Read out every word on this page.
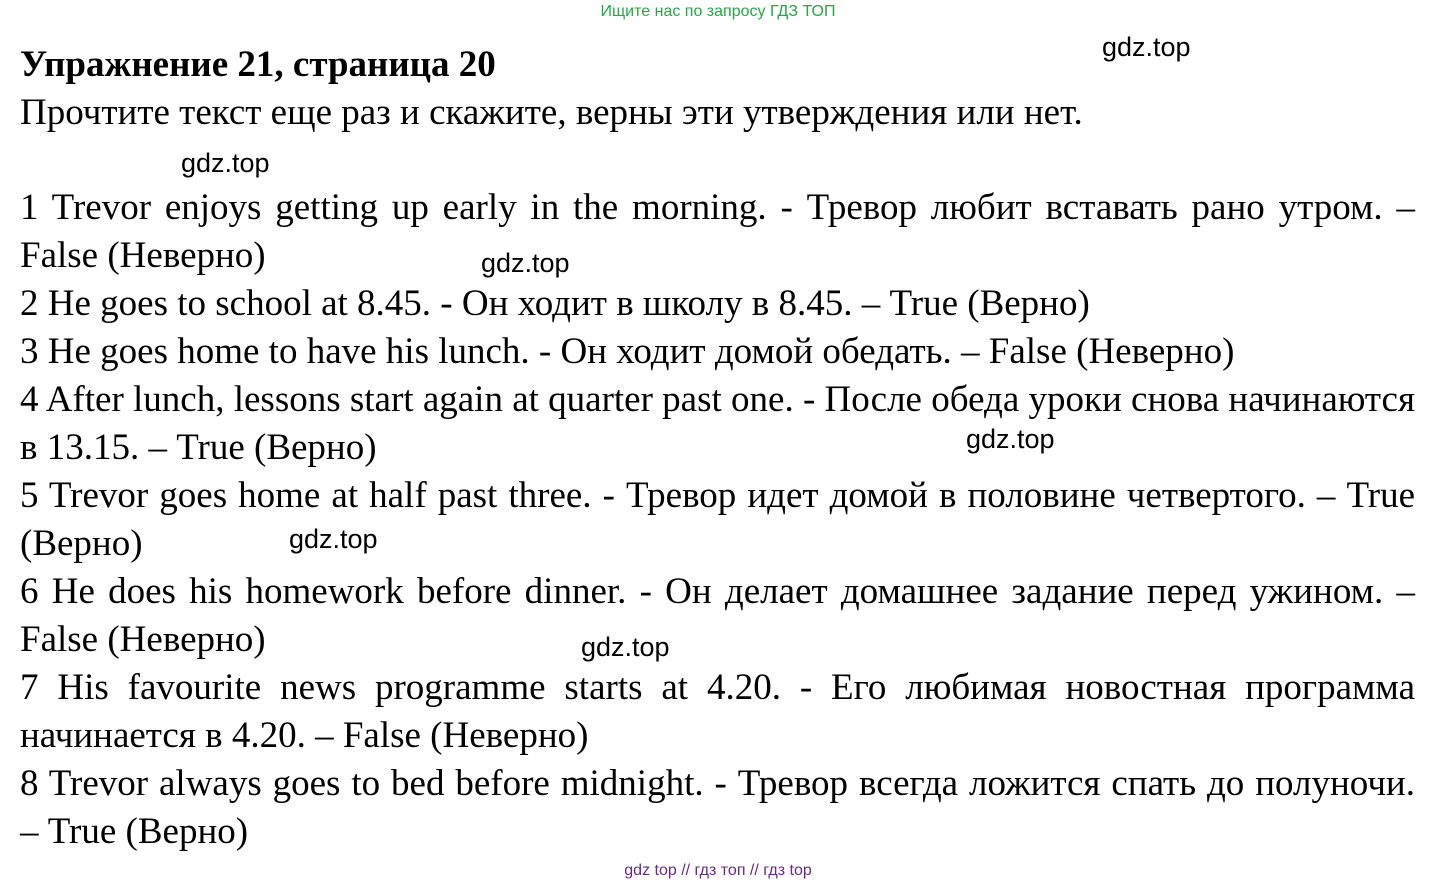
Ищите нас по запросу ГДЗ ТОП
Упражнение 21, страница 20

Прочтите текст еще раз и скажите, верны эти утверждения или нет.

1 Trevor enjoys getting up early in the morning. - Тревор любит вставать рано утром. – False (Неверно)

2 He goes to school at 8.45. - Он ходит в школу в 8.45. – True (Верно)

3 He goes home to have his lunch. - Он ходит домой обедать. – False (Неверно)

4 After lunch, lessons start again at quarter past one. - После обеда уроки снова начинаются в 13.15. – True (Верно)

5 Trevor goes home at half past three. - Тревор идет домой в половине четвертого. – True (Верно)

6 He does his homework before dinner. - Он делает домашнее задание перед ужином. – False (Неверно)

7 His favourite news programme starts at 4.20. - Его любимая новостная программа начинается в 4.20. – False (Неверно)

8 Trevor always goes to bed before midnight. - Тревор всегда ложится спать до полуночи. – True (Верно)

gdz.top
gdz.top
gdz.top
gdz.top
gdz.top
gdz.top
gdz top // гдз топ // гдз top
